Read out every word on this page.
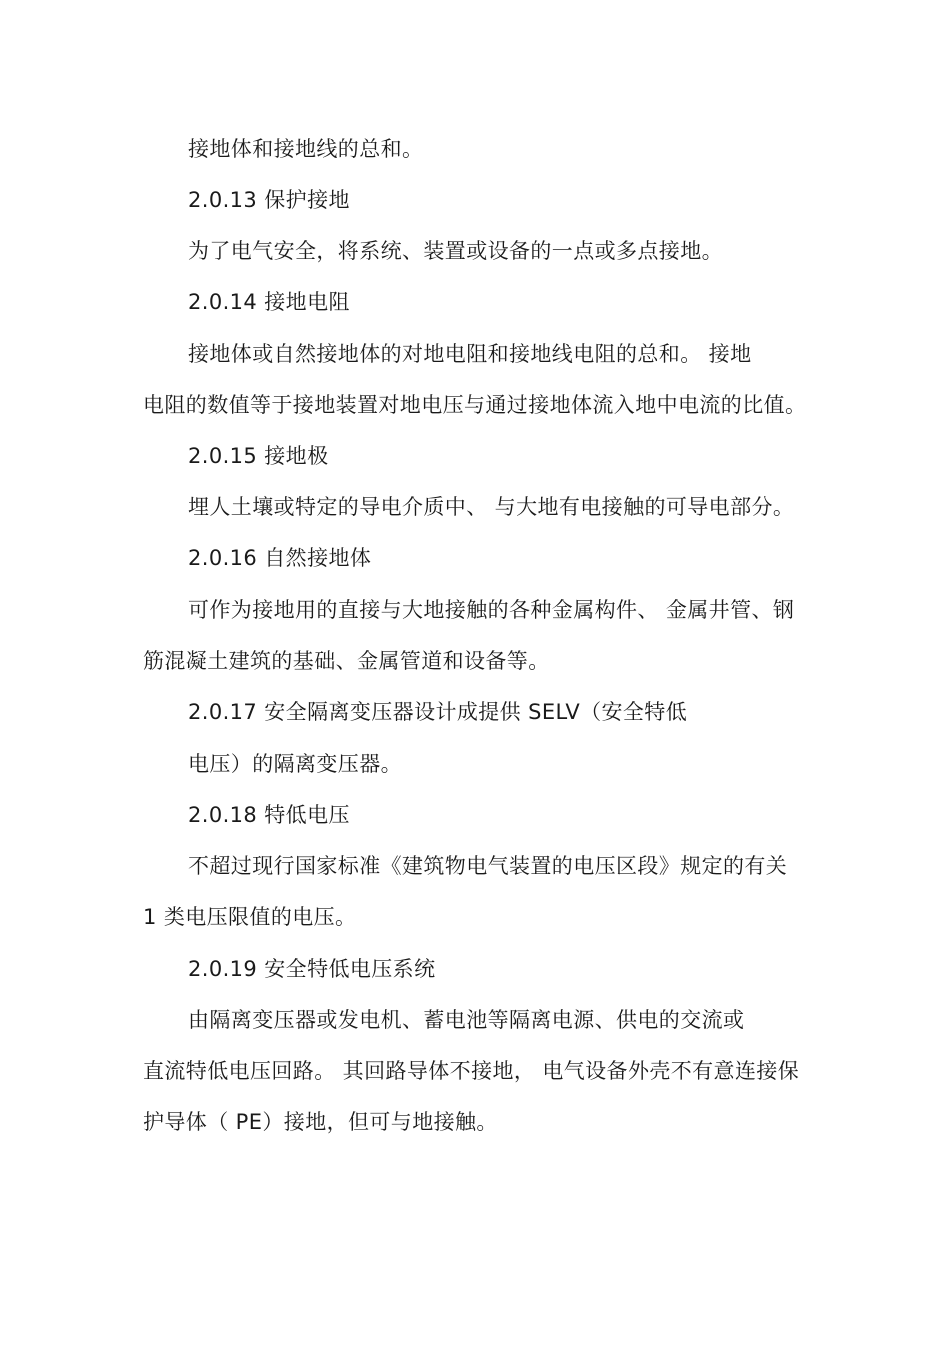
接地体和接地线的总和。
2.0.13 保护接地
为了电气安全，将系统、装置或设备的一点或多点接地。
2.0.14 接地电阻
接地体或自然接地体的对地电阻和接地线电阻的总和。 接地
电阻的数值等于接地装置对地电压与通过接地体流入地中电流的比值。
2.0.15 接地极
埋人土壤或特定的导电介质中、 与大地有电接触的可导电部分。
2.0.16 自然接地体
可作为接地用的直接与大地接触的各种金属构件、 金属井管、钢
筋混凝土建筑的基础、金属管道和设备等。
2.0.17 安全隔离变压器设计成提供 SELV（安全特低
电压）的隔离变压器。
2.0.18 特低电压
不超过现行国家标准《建筑物电气装置的电压区段》规定的有关
1 类电压限值的电压。
2.0.19 安全特低电压系统
由隔离变压器或发电机、蓄电池等隔离电源、供电的交流或
直流特低电压回路。 其回路导体不接地， 电气设备外壳不有意连接保
护导体（ PE）接地，但可与地接触。
